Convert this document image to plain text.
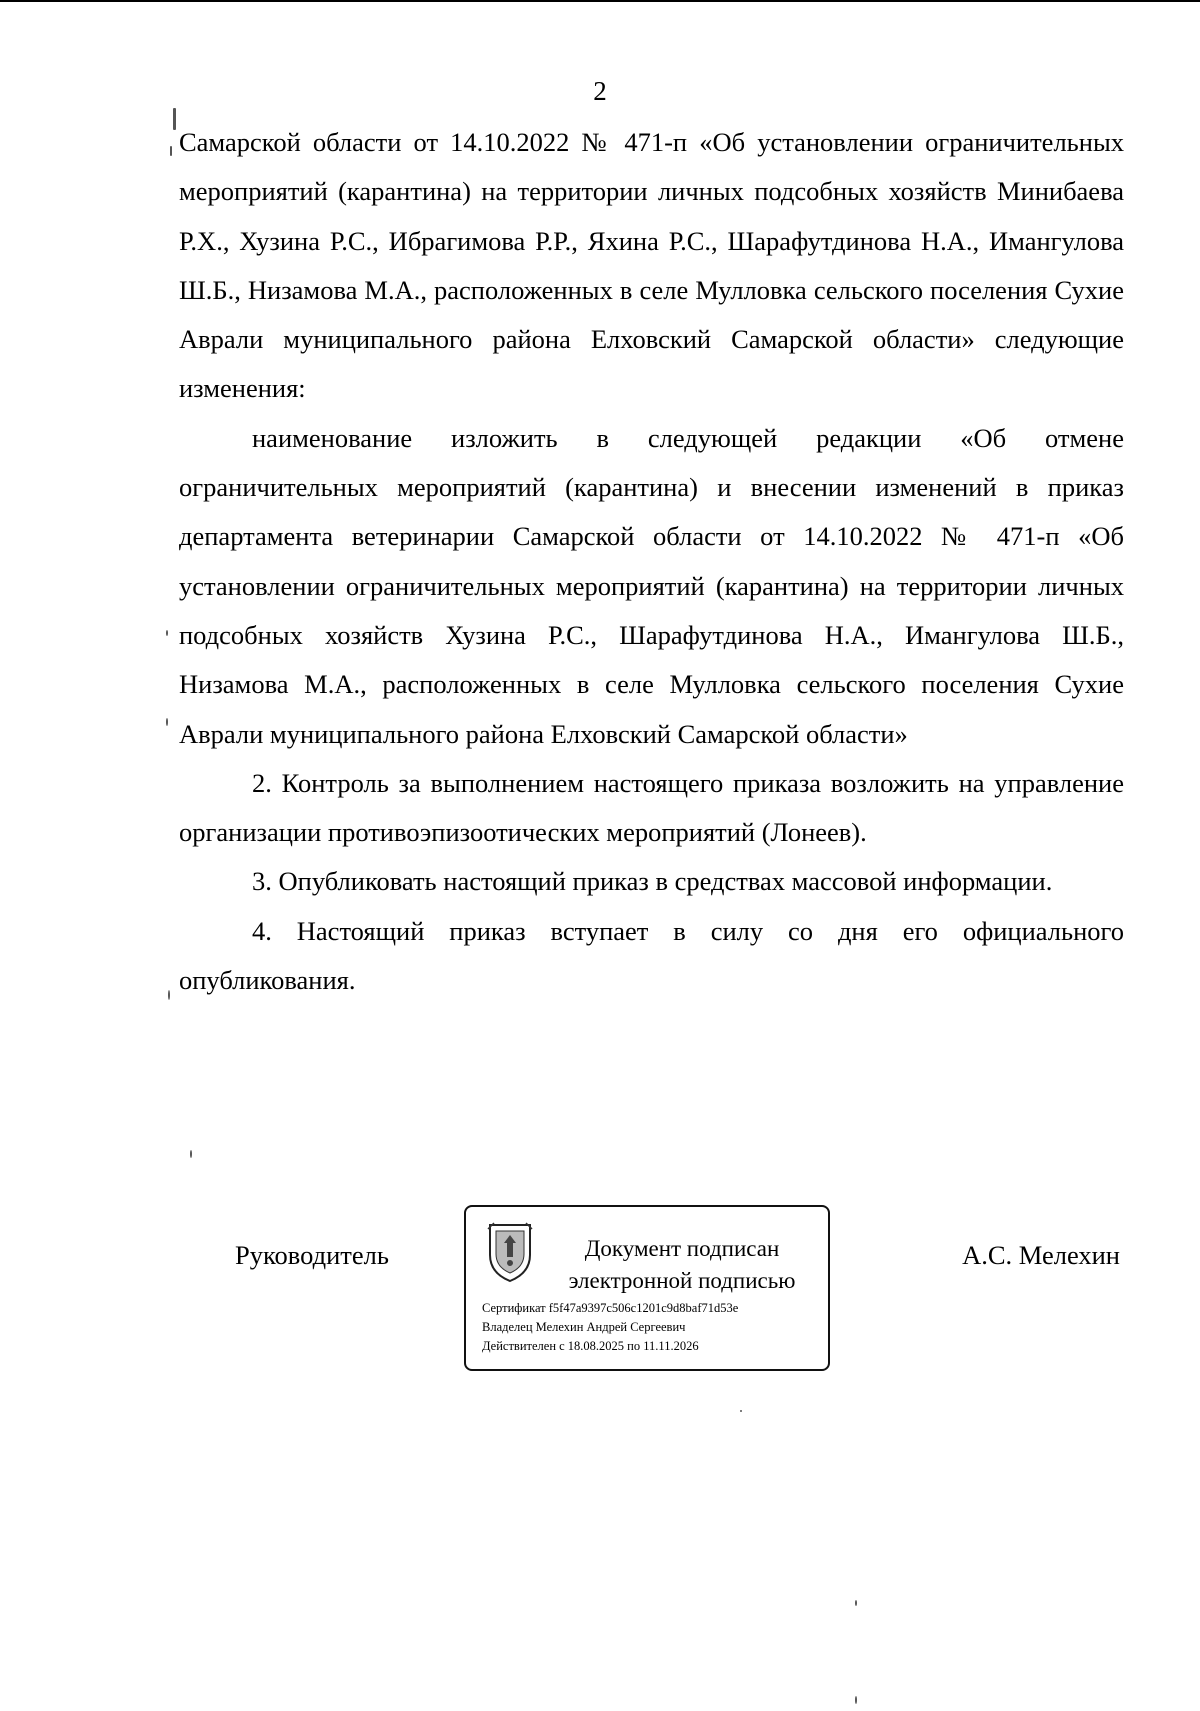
2

Самарской области от 14.10.2022 № 471-п «Об установлении ограничительных мероприятий (карантина) на территории личных подсобных хозяйств Минибаева Р.Х., Хузина Р.С., Ибрагимова Р.Р., Яхина Р.С., Шарафутдинова Н.А., Имангулова Ш.Б., Низамова М.А., расположенных в селе Мулловка сельского поселения Сухие Аврали муниципального района Елховский Самарской области» следующие изменения:

наименование изложить в следующей редакции «Об отмене ограничительных мероприятий (карантина) и внесении изменений в приказ департамента ветеринарии Самарской области от 14.10.2022 № 471-п «Об установлении ограничительных мероприятий (карантина) на территории личных подсобных хозяйств Хузина Р.С., Шарафутдинова Н.А., Имангулова Ш.Б., Низамова М.А., расположенных в селе Мулловка сельского поселения Сухие Аврали муниципального района Елховский Самарской области»

2. Контроль за выполнением настоящего приказа возложить на управление организации противоэпизоотических мероприятий (Лонеев).

3. Опубликовать настоящий приказ в средствах массовой информации.

4. Настоящий приказ вступает в силу со дня его официального опубликования.

Руководитель	Документ подписан
электронной подписью
Сертификат f5f47a9397c506c1201c9d8baf71d53e
Владелец Мелехин Андрей Сергеевич
Действителен с 18.08.2025 по 11.11.2026
А.С. Мелехин
